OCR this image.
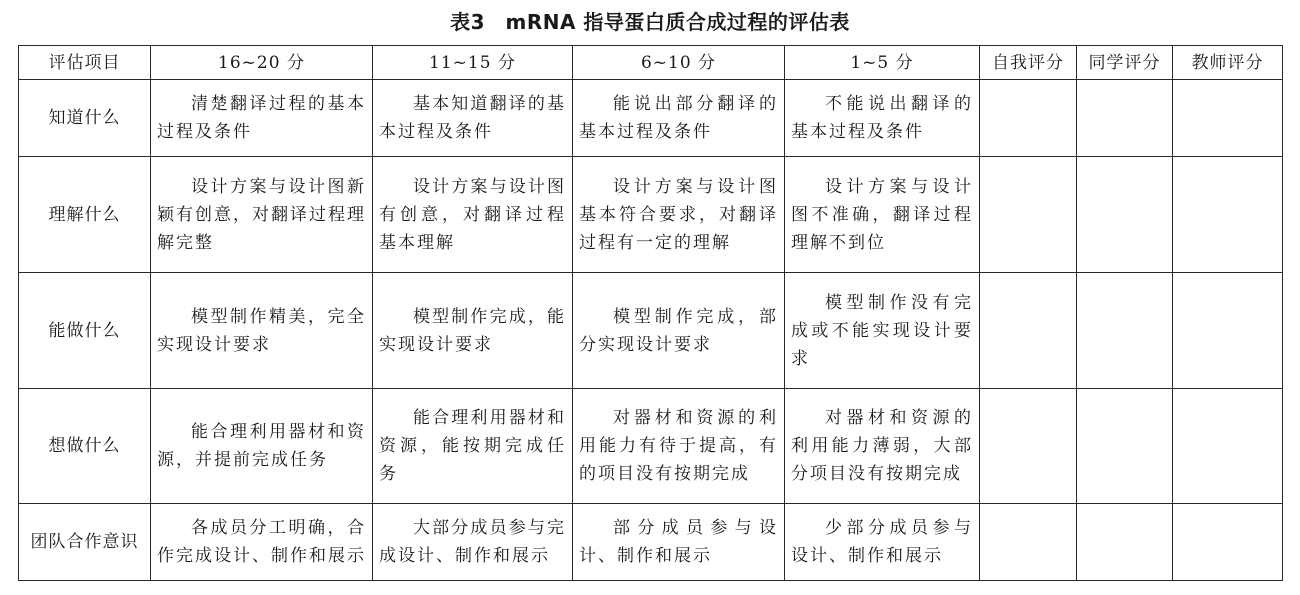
表3　mRNA 指导蛋白质合成过程的评估表
评估项目	16~20 分	11~15 分	6~10 分	1~5 分	自我评分	同学评分	教师评分
知道什么	清楚翻译过程的基本过程及条件	基本知道翻译的基本过程及条件	能说出部分翻译的基本过程及条件	不能说出翻译的基本过程及条件			

理解什么	设计方案与设计图新颖有创意，对翻译过程理解完整	设计方案与设计图有创意，对翻译过程基本理解	设计方案与设计图基本符合要求，对翻译过程有一定的理解	设计方案与设计图不准确，翻译过程理解不到位			

能做什么	模型制作精美，完全实现设计要求	模型制作完成，能实现设计要求	模型制作完成，部分实现设计要求	模型制作没有完成或不能实现设计要求			

想做什么	能合理利用器材和资源，并提前完成任务	能合理利用器材和资源，能按期完成任务	对器材和资源的利用能力有待于提高，有的项目没有按期完成	对器材和资源的利用能力薄弱，大部分项目没有按期完成			

团队合作意识	各成员分工明确，合作完成设计、制作和展示	大部分成员参与完成设计、制作和展示	部分成员参与设计、制作和展示	少部分成员参与设计、制作和展示			
